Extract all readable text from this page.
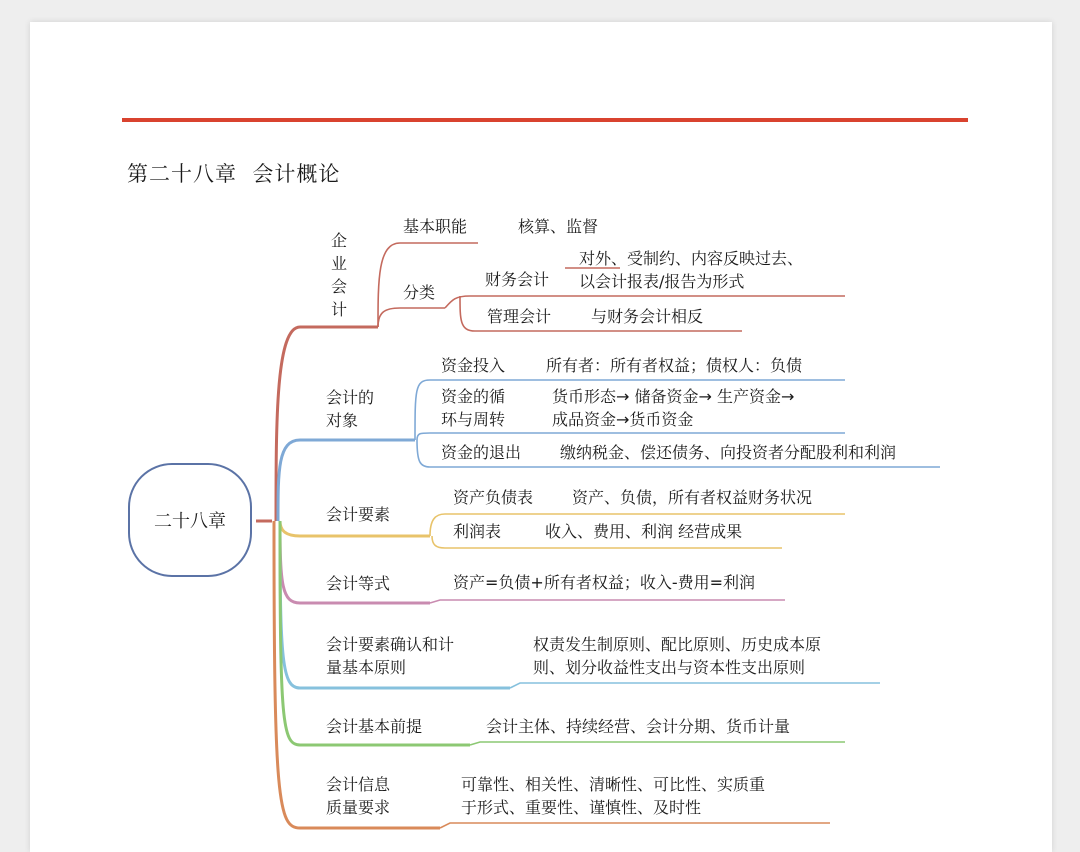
第二十八章  会计概论
二十八章
企业会计
基本职能	核算、监督
分类
财务会计
对外、受制约、内容反映过去、
以会计报表/报告为形式
管理会计 与财务会计相反
会计的
对象
资金投入	所有者：所有者权益；债权人：负债
资金的循
环与周转
货币形态→ 储备资金→ 生产资金→
成品资金→货币资金
资金的退出 缴纳税金、偿还债务、向投资者分配股利和利润
会计要素
资产负债表 资产、负债，所有者权益财务状况
利润表	收入、费用、利润 经营成果
会计等式	资产=负债+所有者权益；收入-费用=利润
会计要素确认和计
量基本原则
权责发生制原则、配比原则、历史成本原
则、划分收益性支出与资本性支出原则
会计基本前提	会计主体、持续经营、会计分期、货币计量
会计信息
质量要求
可靠性、相关性、清晰性、可比性、实质重
于形式、重要性、谨慎性、及时性
